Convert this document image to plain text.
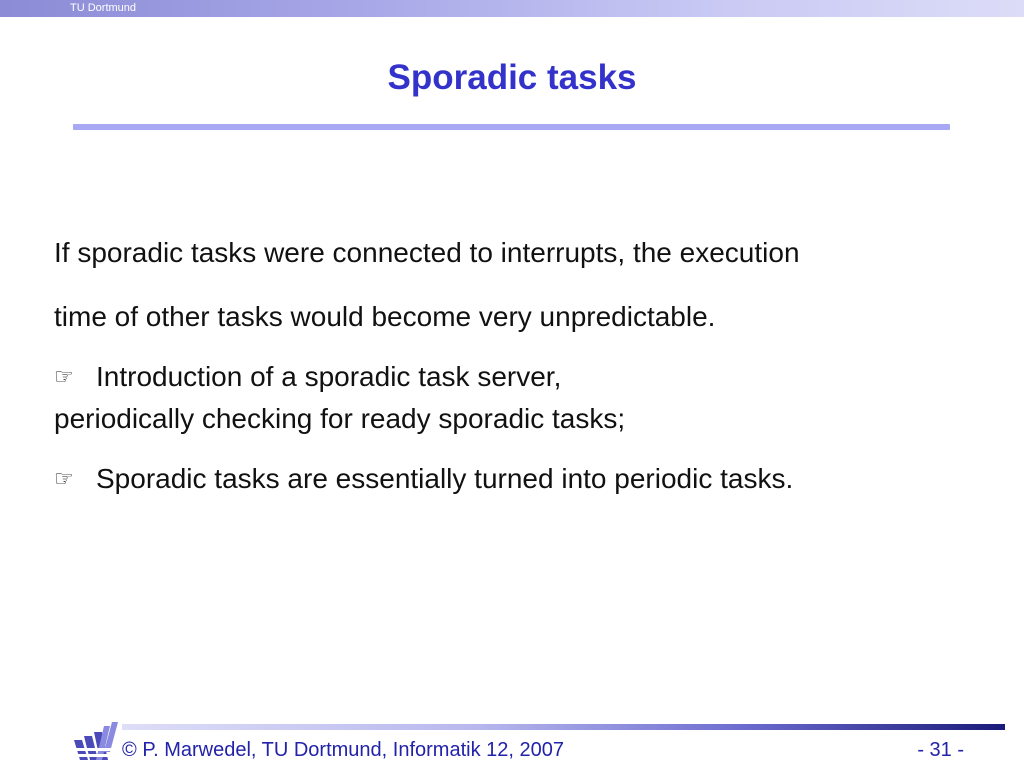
TU Dortmund
Sporadic tasks
If sporadic tasks were connected to interrupts, the execution
time of other tasks would become very unpredictable.
☞ Introduction of a sporadic task server,
periodically checking for ready sporadic tasks;
☞ Sporadic tasks are essentially turned into periodic tasks.
© P. Marwedel, TU Dortmund, Informatik 12, 2007	- 31 -
